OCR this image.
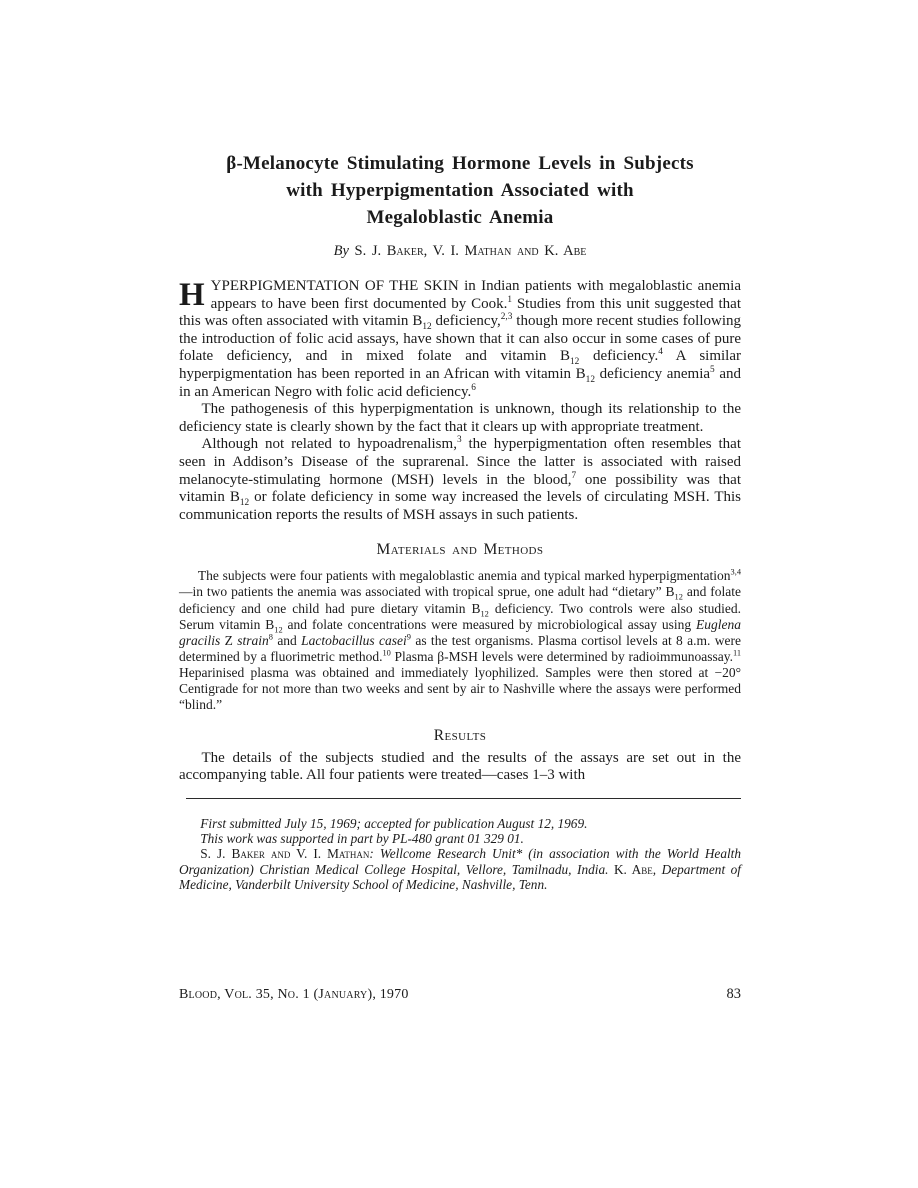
β-Melanocyte Stimulating Hormone Levels in Subjects
with Hyperpigmentation Associated with
Megaloblastic Anemia
By S. J. Baker, V. I. Mathan and K. Abe

HYPERPIGMENTATION OF THE SKIN in Indian patients with megaloblastic anemia appears to have been first documented by Cook.$^1$ Studies from this unit suggested that this was often associated with vitamin $B_{12}$ deficiency,$^{2,3}$ though more recent studies following the introduction of folic acid assays, have shown that it can also occur in some cases of pure folate deficiency, and in mixed folate and vitamin $B_{12}$ deficiency.$^4$ A similar hyperpigmentation has been reported in an African with vitamin $B_{12}$ deficiency anemia$^5$ and in an American Negro with folic acid deficiency.$^6$

The pathogenesis of this hyperpigmentation is unknown, though its relationship to the deficiency state is clearly shown by the fact that it clears up with appropriate treatment.

Although not related to hypoadrenalism,$^3$ the hyperpigmentation often resembles that seen in Addison’s Disease of the suprarenal. Since the latter is associated with raised melanocyte-stimulating hormone (MSH) levels in the blood,$^7$ one possibility was that vitamin $B_{12}$ or folate deficiency in some way increased the levels of circulating MSH. This communication reports the results of MSH assays in such patients.

Materials and Methods

The subjects were four patients with megaloblastic anemia and typical marked hyperpigmentation$^{3,4}$—in two patients the anemia was associated with tropical sprue, one adult had “dietary” $B_{12}$ and folate deficiency and one child had pure dietary vitamin $B_{12}$ deficiency. Two controls were also studied. Serum vitamin $B_{12}$ and folate concentrations were measured by microbiological assay using Euglena gracilis Z strain$^8$ and Lactobacillus casei$^9$ as the test organisms. Plasma cortisol levels at 8 a.m. were determined by a fluorimetric method.$^{10}$ Plasma β-MSH levels were determined by radioimmunoassay.$^{11}$ Heparinised plasma was obtained and immediately lyophilized. Samples were then stored at −20° Centigrade for not more than two weeks and sent by air to Nashville where the assays were performed “blind.”

Results

The details of the subjects studied and the results of the assays are set out in the accompanying table. All four patients were treated—cases 1–3 with

First submitted July 15, 1969; accepted for publication August 12, 1969.

This work was supported in part by PL-480 grant 01 329 01.

S. J. Baker and V. I. Mathan: Wellcome Research Unit* (in association with the World Health Organization) Christian Medical College Hospital, Vellore, Tamilnadu, India. K. Abe, Department of Medicine, Vanderbilt University School of Medicine, Nashville, Tenn.

Blood, Vol. 35, No. 1 (January), 1970	83
